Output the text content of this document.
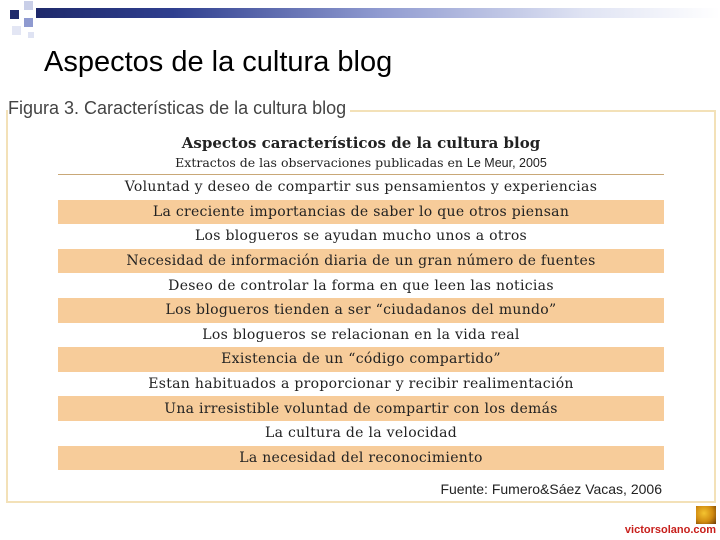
Aspectos de la cultura blog
Figura 3. Características de la cultura blog
Aspectos característicos de la cultura blog
Extractos de las observaciones publicadas en Le Meur, 2005
Voluntad y deseo de compartir sus pensamientos y experiencias
La creciente importancias de saber lo que otros piensan
Los blogueros se ayudan mucho unos a otros
Necesidad de información diaria de un gran número de fuentes
Deseo de controlar la forma en que leen las noticias
Los blogueros tienden a ser “ciudadanos del mundo”
Los blogueros se relacionan en la vida real
Existencia de un “código compartido”
Estan habituados a proporcionar y recibir realimentación
Una irresistible voluntad de compartir con los demás
La cultura de la velocidad
La necesidad del reconocimiento
Fuente: Fumero&Sáez Vacas, 2006
victorsolano.com
